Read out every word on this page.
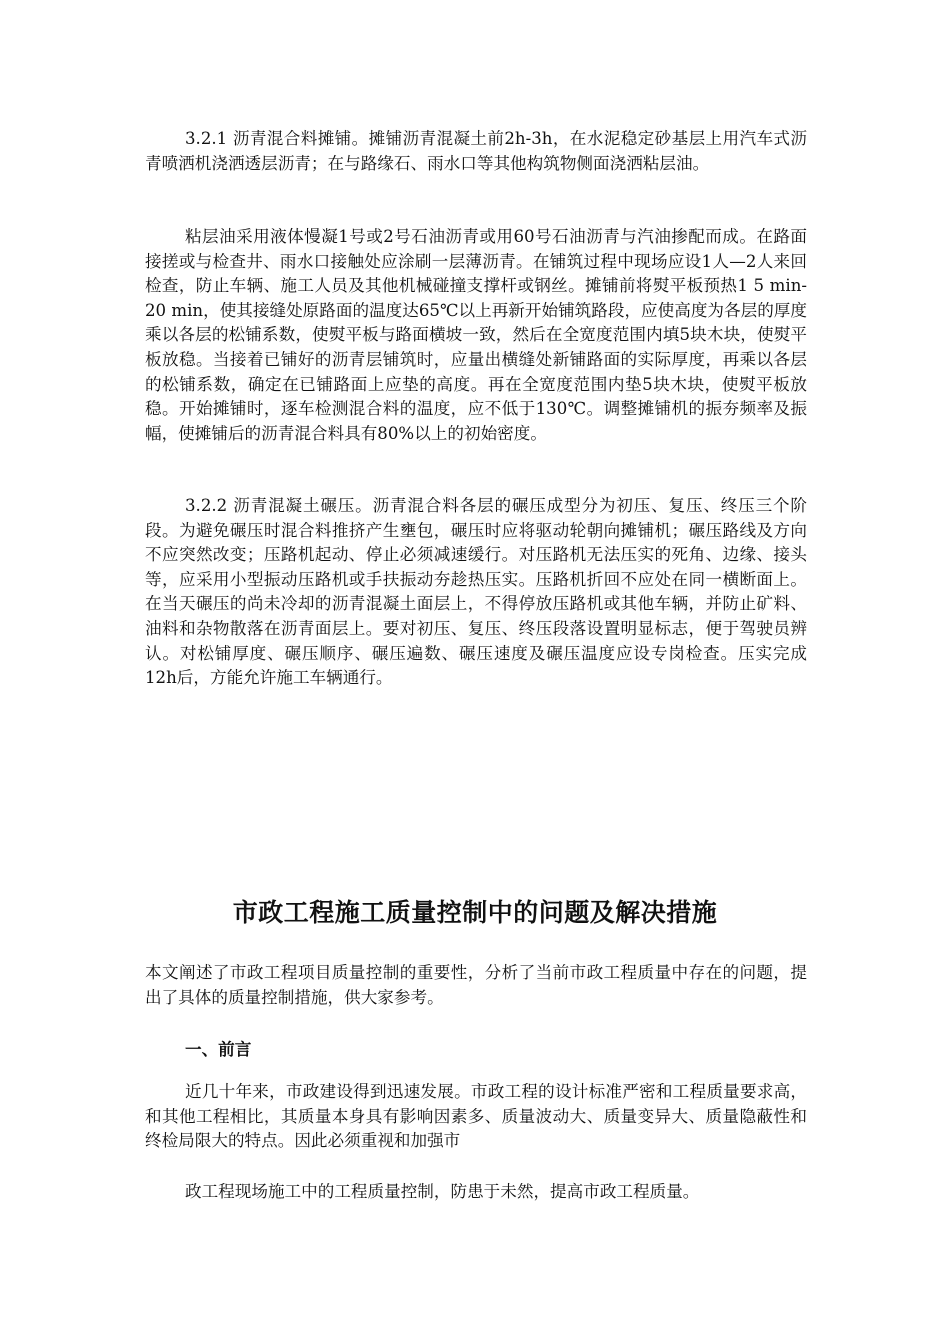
3.2.1 沥青混合料摊铺。摊铺沥青混凝土前2h-3h，在水泥稳定砂基层上用汽车式沥青喷洒机浇洒透层沥青；在与路缘石、雨水口等其他构筑物侧面浇洒粘层油。

粘层油采用液体慢凝1号或2号石油沥青或用60号石油沥青与汽油掺配而成。在路面接搓或与检查井、雨水口接触处应涂刷一层薄沥青。在铺筑过程中现场应设1人—2人来回检查，防止车辆、施工人员及其他机械碰撞支撑杆或钢丝。摊铺前将熨平板预热1 5 min-20 min，使其接缝处原路面的温度达65℃以上再新开始铺筑路段，应使高度为各层的厚度乘以各层的松铺系数，使熨平板与路面横坡一致，然后在全宽度范围内填5块木块，使熨平板放稳。当接着已铺好的沥青层铺筑时，应量出横缝处新铺路面的实际厚度，再乘以各层的松铺系数，确定在已铺路面上应垫的高度。再在全宽度范围内垫5块木块，使熨平板放稳。开始摊铺时，逐车检测混合料的温度，应不低于130℃。调整摊铺机的振夯频率及振幅，使摊铺后的沥青混合料具有80%以上的初始密度。

3.2.2 沥青混凝土碾压。沥青混合料各层的碾压成型分为初压、复压、终压三个阶段。为避免碾压时混合料推挤产生壅包，碾压时应将驱动轮朝向摊铺机；碾压路线及方向不应突然改变；压路机起动、停止必须减速缓行。对压路机无法压实的死角、边缘、接头等，应采用小型振动压路机或手扶振动夯趁热压实。压路机折回不应处在同一横断面上。在当天碾压的尚未冷却的沥青混凝土面层上，不得停放压路机或其他车辆，并防止矿料、油料和杂物散落在沥青面层上。要对初压、复压、终压段落设置明显标志，便于驾驶员辨认。对松铺厚度、碾压顺序、碾压遍数、碾压速度及碾压温度应设专岗检查。压实完成12h后，方能允许施工车辆通行。

市政工程施工质量控制中的问题及解决措施

本文阐述了市政工程项目质量控制的重要性，分析了当前市政工程质量中存在的问题，提出了具体的质量控制措施，供大家参考。

一、前言

近几十年来，市政建设得到迅速发展。市政工程的设计标准严密和工程质量要求高，和其他工程相比，其质量本身具有影响因素多、质量波动大、质量变异大、质量隐蔽性和终检局限大的特点。因此必须重视和加强市

政工程现场施工中的工程质量控制，防患于未然，提高市政工程质量。
